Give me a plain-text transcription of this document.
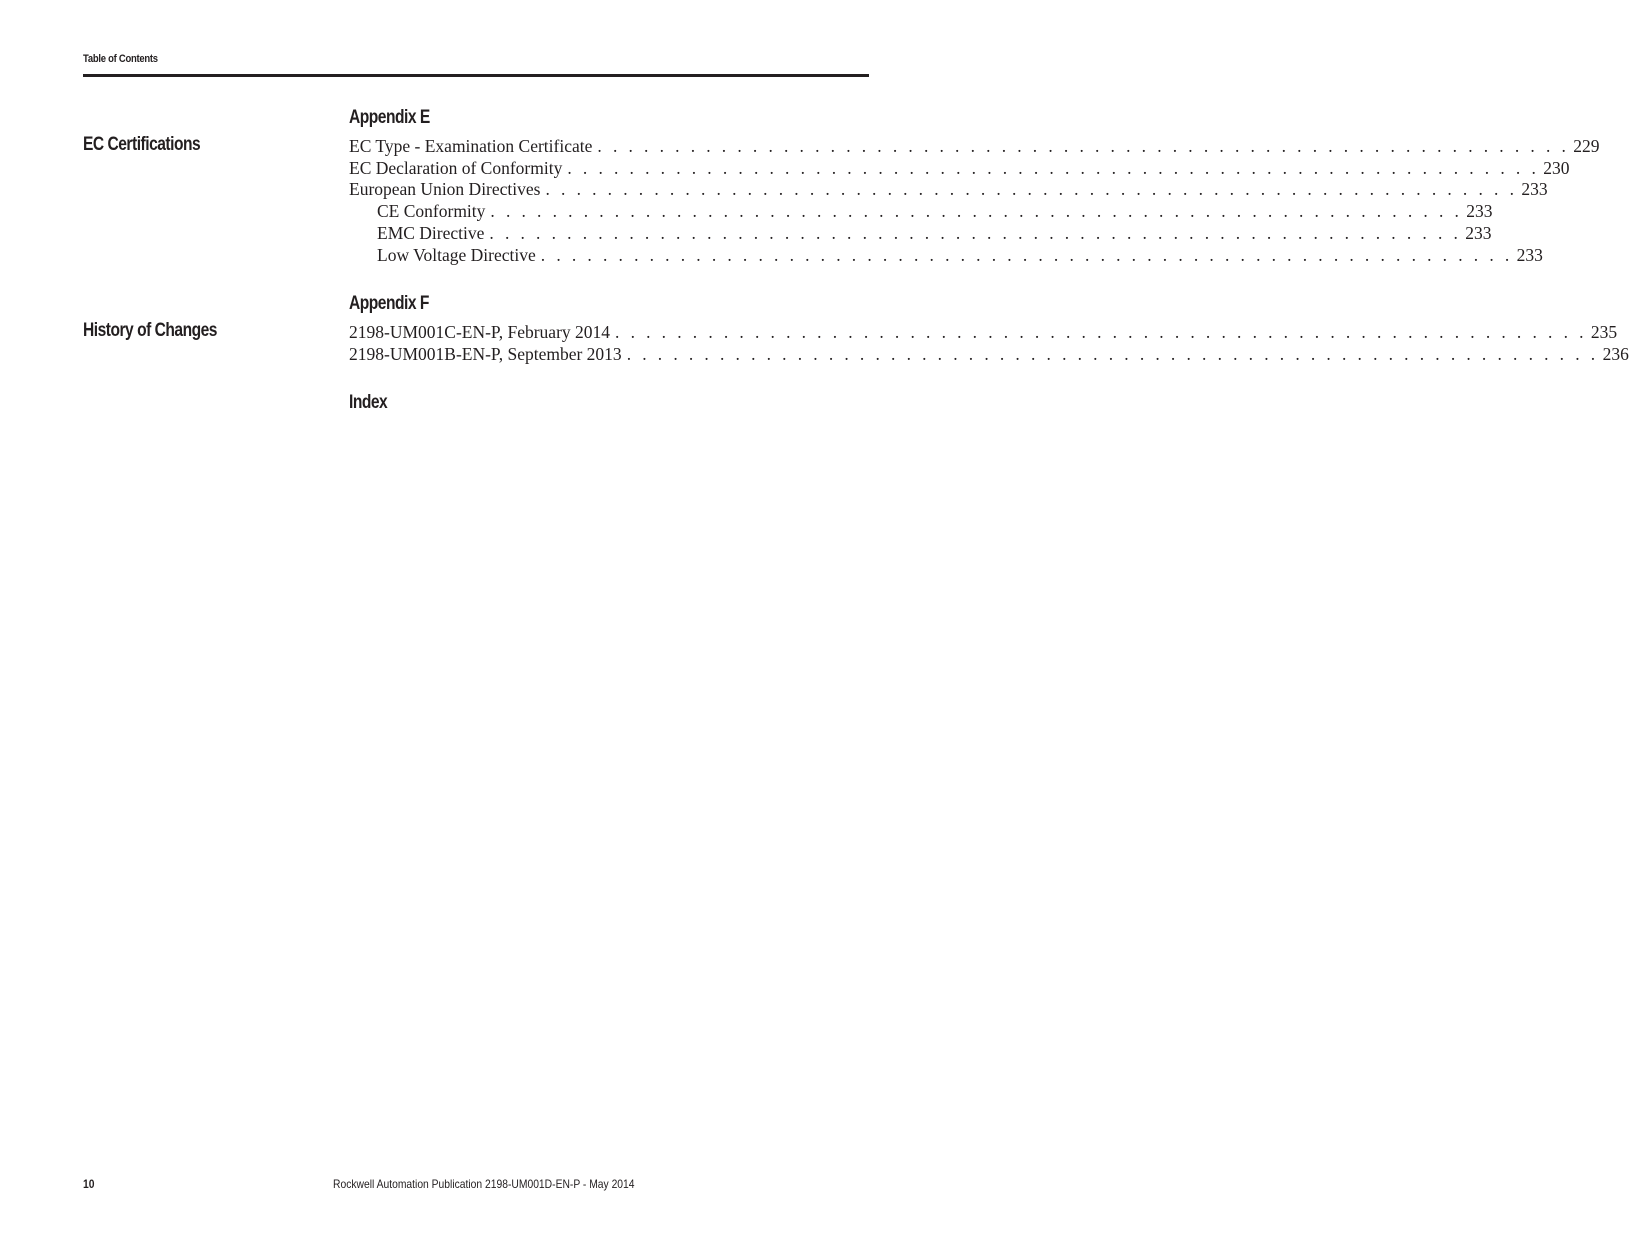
Table of Contents
Appendix E
EC Certifications	EC Type - Examination Certificate . . . . . . . . . . . . . . . . . . . . . . . . . . . . . . . . . . . . . . . . . . . . . . . . . . . . . . . . . . . . . . . 229
EC Declaration of Conformity . . . . . . . . . . . . . . . . . . . . . . . . . . . . . . . . . . . . . . . . . . . . . . . . . . . . . . . . . . . . . . . 230
European Union Directives . . . . . . . . . . . . . . . . . . . . . . . . . . . . . . . . . . . . . . . . . . . . . . . . . . . . . . . . . . . . . . . 233
CE Conformity . . . . . . . . . . . . . . . . . . . . . . . . . . . . . . . . . . . . . . . . . . . . . . . . . . . . . . . . . . . . . . . 233
EMC Directive . . . . . . . . . . . . . . . . . . . . . . . . . . . . . . . . . . . . . . . . . . . . . . . . . . . . . . . . . . . . . . . 233
Low Voltage Directive . . . . . . . . . . . . . . . . . . . . . . . . . . . . . . . . . . . . . . . . . . . . . . . . . . . . . . . . . . . . . . . 233
Appendix F
History of Changes	2198-UM001C-EN-P, February 2014 . . . . . . . . . . . . . . . . . . . . . . . . . . . . . . . . . . . . . . . . . . . . . . . . . . . . . . . . . . . . . . . 235
2198-UM001B-EN-P, September 2013 . . . . . . . . . . . . . . . . . . . . . . . . . . . . . . . . . . . . . . . . . . . . . . . . . . . . . . . . . . . . . . . 236
Index
10	Rockwell Automation Publication 2198-UM001D-EN-P - May 2014
